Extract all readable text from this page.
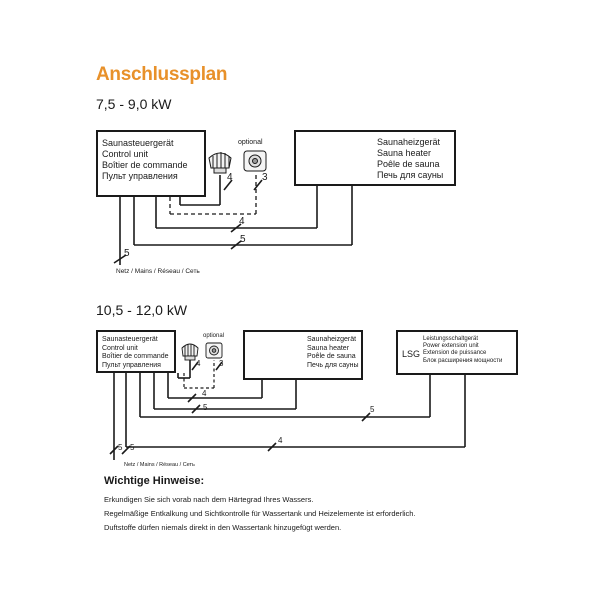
Anschlussplan
7,5 - 9,0 kW
Saunasteuergerät
Control unit
Boîtier de commande
Пульт управления
Saunaheizgerät
Sauna heater
Poêle de sauna
Печь для сауны
optional
Netz / Mains / Réseau / Сеть
4	3
4
5
5
10,5 - 12,0 kW
Saunasteuergerät
Control unit
Boîtier de commande
Пульт управления
Saunaheizgerät
Sauna heater
Poêle de sauna
Печь для сауны
LSG
Leistungsschaltgerät
Power extension unit
Extension de puissance
Блок расширения мощности
optional
Netz / Mains / Réseau / Сеть
4 3
4
5	5
4
5 5
Wichtige Hinweise:
Erkundigen Sie sich vorab nach dem Härtegrad Ihres Wassers.
Regelmäßige Entkalkung und Sichtkontrolle für Wassertank und Heizelemente ist erforderlich.
Duftstoffe dürfen niemals direkt in den Wassertank hinzugefügt werden.
